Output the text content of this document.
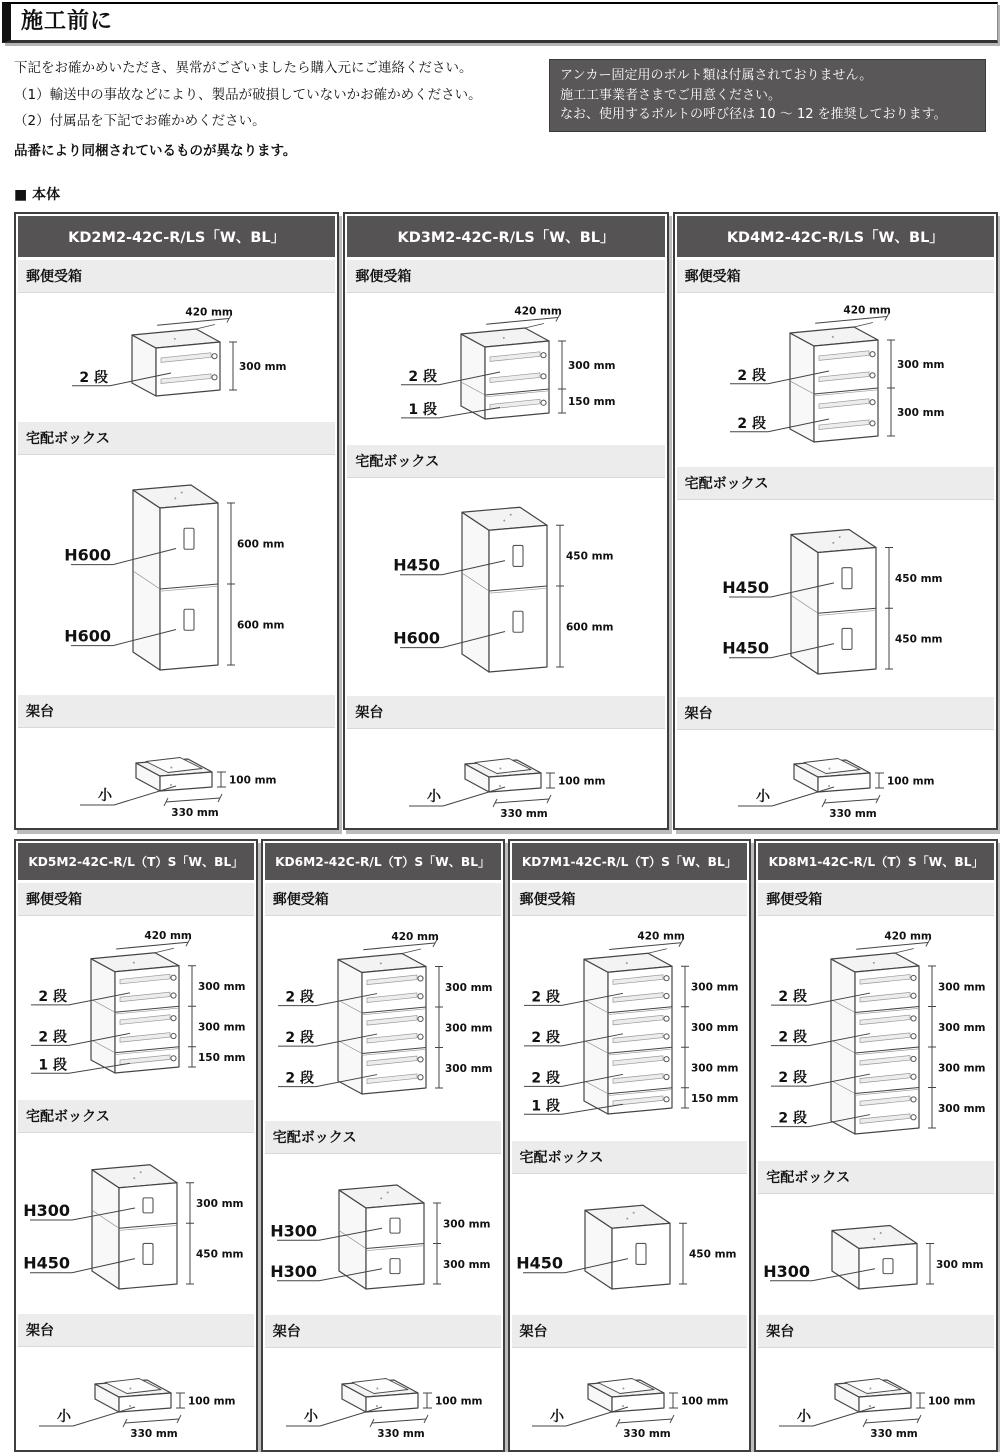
施工前に

下記をお確かめいただき、異常がございましたら購入元にご連絡ください。

（1）輸送中の事故などにより、製品が破損していないかお確かめください。

（2）付属品を下記でお確かめください。

品番により同梱されているものが異なります。

アンカー固定用のボルト類は付属されておりません。
施工工事業者さまでご用意ください。
なお、使用するボルトの呼び径は 10 ～ 12 を推奨しております。
■ 本体
KD2M2-42C-R/LS「W、BL」
郵便受箱
300 mm
420 mm
2 段
宅配ボックス
600 mm
600 mm
H600
H600
架台
100 mm
330 mm
小
KD3M2-42C-R/LS「W、BL」
郵便受箱
300 mm
150 mm
420 mm
2 段
1 段
宅配ボックス
450 mm
600 mm
H450
H600
架台
100 mm
330 mm
小
KD4M2-42C-R/LS「W、BL」
郵便受箱
300 mm
300 mm
420 mm
2 段
2 段
宅配ボックス
450 mm
450 mm
H450
H450
架台
100 mm
330 mm
小
KD5M2-42C-R/L（T）S「W、BL」
郵便受箱
300 mm
300 mm
150 mm
420 mm
2 段
2 段
1 段
宅配ボックス
300 mm
450 mm
H300
H450
架台
100 mm
330 mm
小
KD6M2-42C-R/L（T）S「W、BL」
郵便受箱
300 mm
300 mm
300 mm
420 mm
2 段
2 段
2 段
宅配ボックス
300 mm
300 mm
H300
H300
架台
100 mm
330 mm
小
KD7M1-42C-R/L（T）S「W、BL」
郵便受箱
300 mm
300 mm
300 mm
150 mm
420 mm
2 段
2 段
2 段
1 段
宅配ボックス
450 mm
H450
架台
100 mm
330 mm
小
KD8M1-42C-R/L（T）S「W、BL」
郵便受箱
300 mm
300 mm
300 mm
300 mm
420 mm
2 段
2 段
2 段
2 段
宅配ボックス
300 mm
H300
架台
100 mm
330 mm
小
